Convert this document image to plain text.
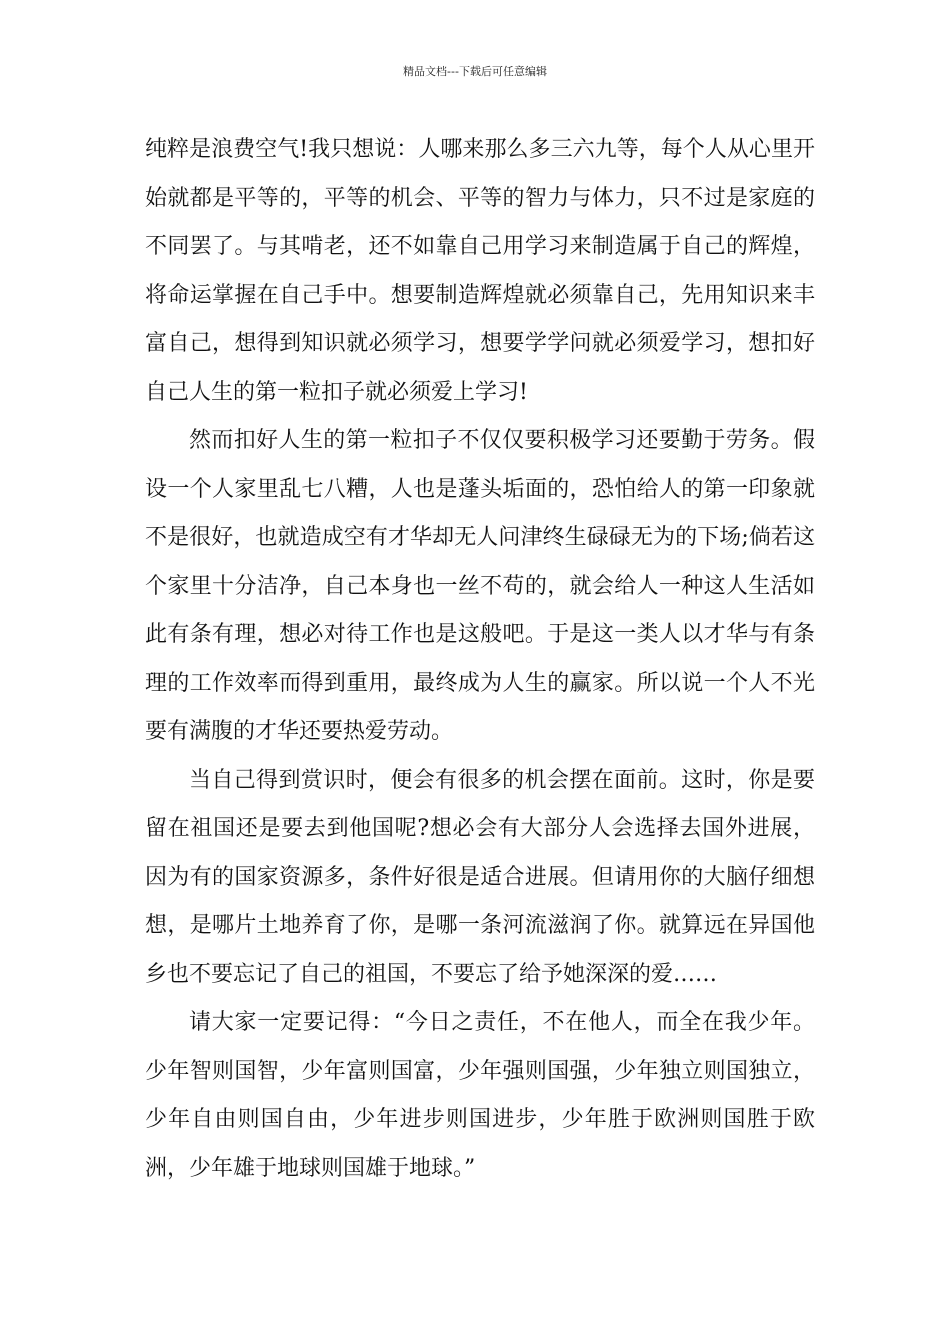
精品文档---下载后可任意编辑

纯粹是浪费空气!我只想说：人哪来那么多三六九等，每个人从心里开始就都是平等的，平等的机会、平等的智力与体力，只不过是家庭的不同罢了。与其啃老，还不如靠自己用学习来制造属于自己的辉煌，将命运掌握在自己手中。想要制造辉煌就必须靠自己，先用知识来丰富自己，想得到知识就必须学习，想要学学问就必须爱学习，想扣好自己人生的第一粒扣子就必须爱上学习!

然而扣好人生的第一粒扣子不仅仅要积极学习还要勤于劳务。假设一个人家里乱七八糟，人也是蓬头垢面的，恐怕给人的第一印象就不是很好，也就造成空有才华却无人问津终生碌碌无为的下场;倘若这个家里十分洁净，自己本身也一丝不苟的，就会给人一种这人生活如此有条有理，想必对待工作也是这般吧。于是这一类人以才华与有条理的工作效率而得到重用，最终成为人生的赢家。所以说一个人不光要有满腹的才华还要热爱劳动。

当自己得到赏识时，便会有很多的机会摆在面前。这时，你是要留在祖国还是要去到他国呢?想必会有大部分人会选择去国外进展，因为有的国家资源多，条件好很是适合进展。但请用你的大脑仔细想想，是哪片土地养育了你，是哪一条河流滋润了你。就算远在异国他乡也不要忘记了自己的祖国，不要忘了给予她深深的爱……

请大家一定要记得：“今日之责任，不在他人，而全在我少年。少年智则国智，少年富则国富，少年强则国强，少年独立则国独立，少年自由则国自由，少年进步则国进步，少年胜于欧洲则国胜于欧洲，少年雄于地球则国雄于地球。”
